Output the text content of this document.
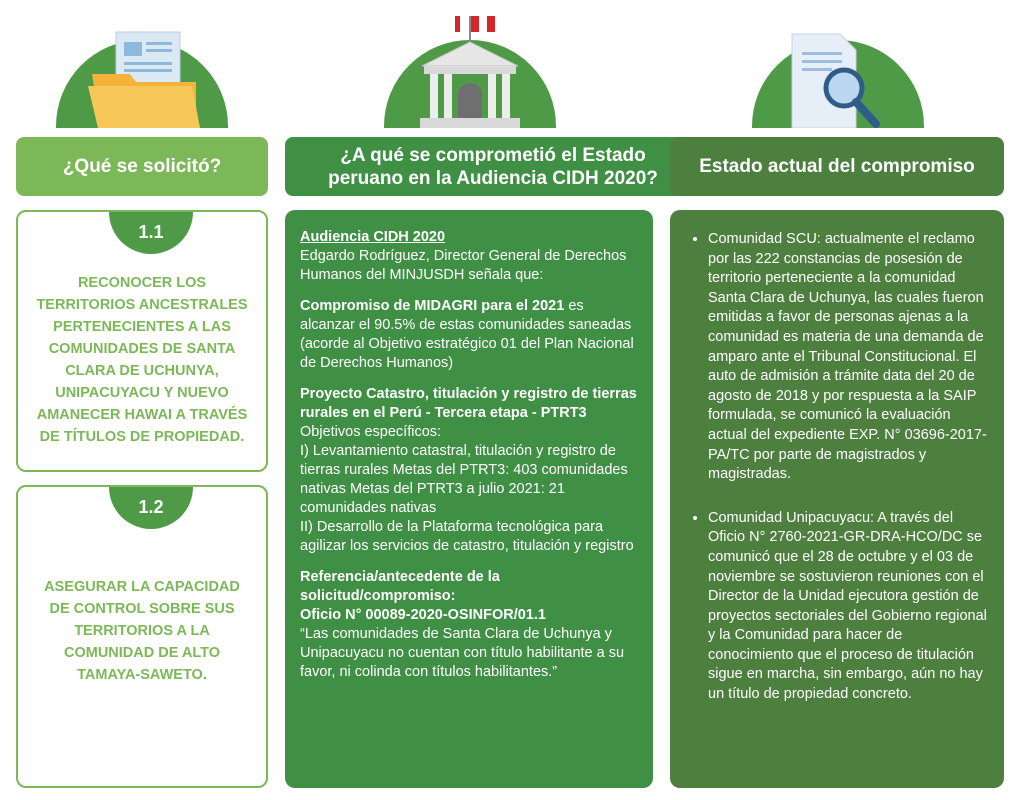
¿Qué se solicitó?
¿A qué se comprometió el Estado peruano en la Audiencia CIDH 2020?
Estado actual del compromiso
1.1
RECONOCER LOS TERRITORIOS ANCESTRALES PERTENECIENTES A LAS COMUNIDADES DE SANTA CLARA DE UCHUNYA, UNIPACUYACU Y NUEVO AMANECER HAWAI A TRAVÉS DE TÍTULOS DE PROPIEDAD.
1.2
ASEGURAR LA CAPACIDAD DE CONTROL SOBRE SUS TERRITORIOS A LA COMUNIDAD DE ALTO TAMAYA-SAWETO.

Audiencia CIDH 2020
Edgardo Rodríguez, Director General de Derechos Humanos del MINJUSDH señala que:

Compromiso de MIDAGRI para el 2021 es alcanzar el 90.5% de estas comunidades saneadas (acorde al Objetivo estratégico 01 del Plan Nacional de Derechos Humanos)

Proyecto Catastro, titulación y registro de tierras rurales en el Perú - Tercera etapa - PTRT3
Objetivos específicos:
I) Levantamiento catastral, titulación y registro de tierras rurales Metas del PTRT3: 403 comunidades nativas Metas del PTRT3 a julio 2021: 21 comunidades nativas
II) Desarrollo de la Plataforma tecnológica para agilizar los servicios de catastro, titulación y registro

Referencia/antecedente de la solicitud/compromiso:
Oficio N° 00089-2020-OSINFOR/01.1
“Las comunidades de Santa Clara de Uchunya y Unipacuyacu no cuentan con título habilitante a su favor, ni colinda con títulos habilitantes.”

• Comunidad SCU: actualmente el reclamo por las 222 constancias de posesión de territorio perteneciente a la comunidad Santa Clara de Uchunya, las cuales fueron emitidas a favor de personas ajenas a la comunidad es materia de una demanda de amparo ante el Tribunal Constitucional. El auto de admisión a trámite data del 20 de agosto de 2018 y por respuesta a la SAIP formulada, se comunicó la evaluación actual del expediente EXP. N° 03696-2017-PA/TC por parte de magistrados y magistradas.
• Comunidad Unipacuyacu: A través del Oficio N° 2760-2021-GR-DRA-HCO/DC se comunicó que el 28 de octubre y el 03 de noviembre se sostuvieron reuniones con el Director de la Unidad ejecutora gestión de proyectos sectoriales del Gobierno regional y la Comunidad para hacer de conocimiento que el proceso de titulación sigue en marcha, sin embargo, aún no hay un título de propiedad concreto.
